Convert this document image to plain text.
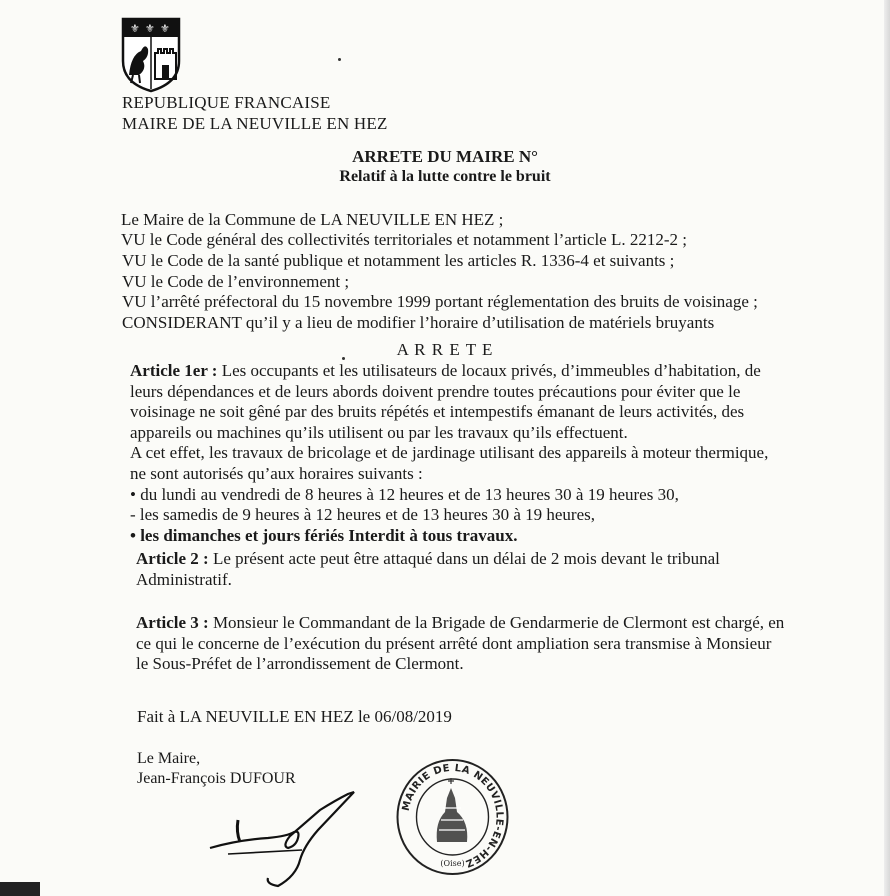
⚜ ⚜ ⚜
REPUBLIQUE FRANCAISE
MAIRE DE LA NEUVILLE EN HEZ
ARRETE DU MAIRE N°
Relatif à la lutte contre le bruit
Le Maire de la Commune de LA NEUVILLE EN HEZ ;
VU le Code général des collectivités territoriales et notamment l’article L. 2212-2 ;
VU le Code de la santé publique et notamment les articles R. 1336-4 et suivants ;
VU le Code de l’environnement ;
VU l’arrêté préfectoral du 15 novembre 1999 portant réglementation des bruits de voisinage ;
CONSIDERANT qu’il y a lieu de modifier l’horaire d’utilisation de matériels bruyants
A R R E T E
Article 1er : Les occupants et les utilisateurs de locaux privés, d’immeubles d’habitation, de
leurs dépendances et de leurs abords doivent prendre toutes précautions pour éviter que le
voisinage ne soit gêné par des bruits répétés et intempestifs émanant de leurs activités, des
appareils ou machines qu’ils utilisent ou par les travaux qu’ils effectuent.
A cet effet, les travaux de bricolage et de jardinage utilisant des appareils à moteur thermique,
ne sont autorisés qu’aux horaires suivants :
• du lundi au vendredi de 8 heures à 12 heures et de 13 heures 30 à 19 heures 30,
- les samedis de 9 heures à 12 heures et de 13 heures 30 à 19 heures,
• les dimanches et jours fériés Interdit à tous travaux.
Article 2 : Le présent acte peut être attaqué dans un délai de 2 mois devant le tribunal
Administratif.
Article 3 : Monsieur le Commandant de la Brigade de Gendarmerie de Clermont est chargé, en
ce qui le concerne de l’exécution du présent arrêté dont ampliation sera transmise à Monsieur
le Sous-Préfet de l’arrondissement de Clermont.
Fait à LA NEUVILLE EN HEZ le 06/08/2019
Le Maire,
Jean-François DUFOUR
MAIRIE DE LA NEUVILLE-EN-HEZ
(Oise)
